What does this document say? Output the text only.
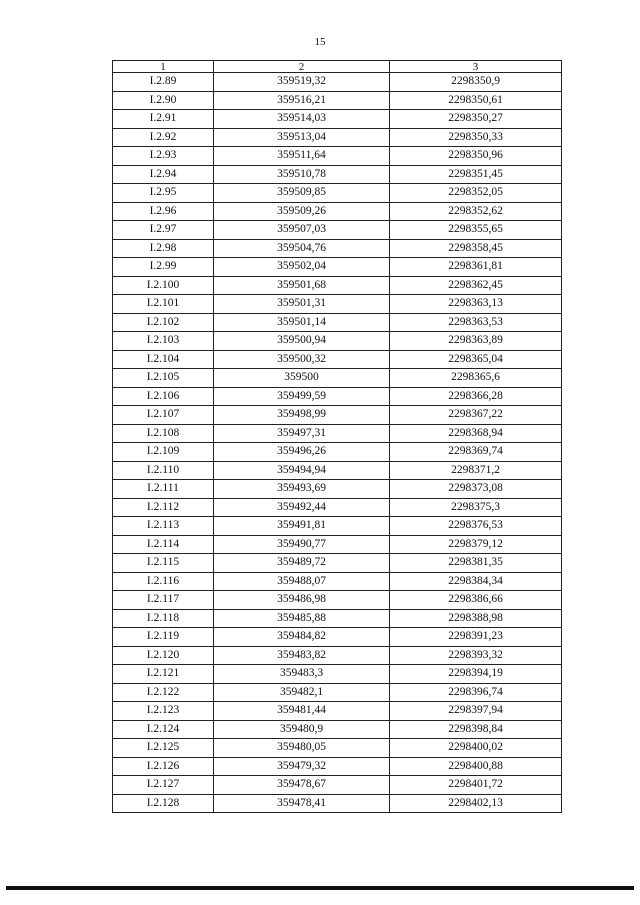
15
1	2	3
I.2.89	359519,32	2298350,9
I.2.90	359516,21	2298350,61
I.2.91	359514,03	2298350,27
I.2.92	359513,04	2298350,33
I.2.93	359511,64	2298350,96
I.2.94	359510,78	2298351,45
I.2.95	359509,85	2298352,05
I.2.96	359509,26	2298352,62
I.2.97	359507,03	2298355,65
I.2.98	359504,76	2298358,45
I.2.99	359502,04	2298361,81
I.2.100	359501,68	2298362,45
I.2.101	359501,31	2298363,13
I.2.102	359501,14	2298363,53
I.2.103	359500,94	2298363,89
I.2.104	359500,32	2298365,04
I.2.105	359500	2298365,6
I.2.106	359499,59	2298366,28
I.2.107	359498,99	2298367,22
I.2.108	359497,31	2298368,94
I.2.109	359496,26	2298369,74
I.2.110	359494,94	2298371,2
I.2.111	359493,69	2298373,08
I.2.112	359492,44	2298375,3
I.2.113	359491,81	2298376,53
I.2.114	359490,77	2298379,12
I.2.115	359489,72	2298381,35
I.2.116	359488,07	2298384,34
I.2.117	359486,98	2298386,66
I.2.118	359485,88	2298388,98
I.2.119	359484,82	2298391,23
I.2.120	359483,82	2298393,32
I.2.121	359483,3	2298394,19
I.2.122	359482,1	2298396,74
I.2.123	359481,44	2298397,94
I.2.124	359480,9	2298398,84
I.2.125	359480,05	2298400,02
I.2.126	359479,32	2298400,88
I.2.127	359478,67	2298401,72
I.2.128	359478,41	2298402,13
